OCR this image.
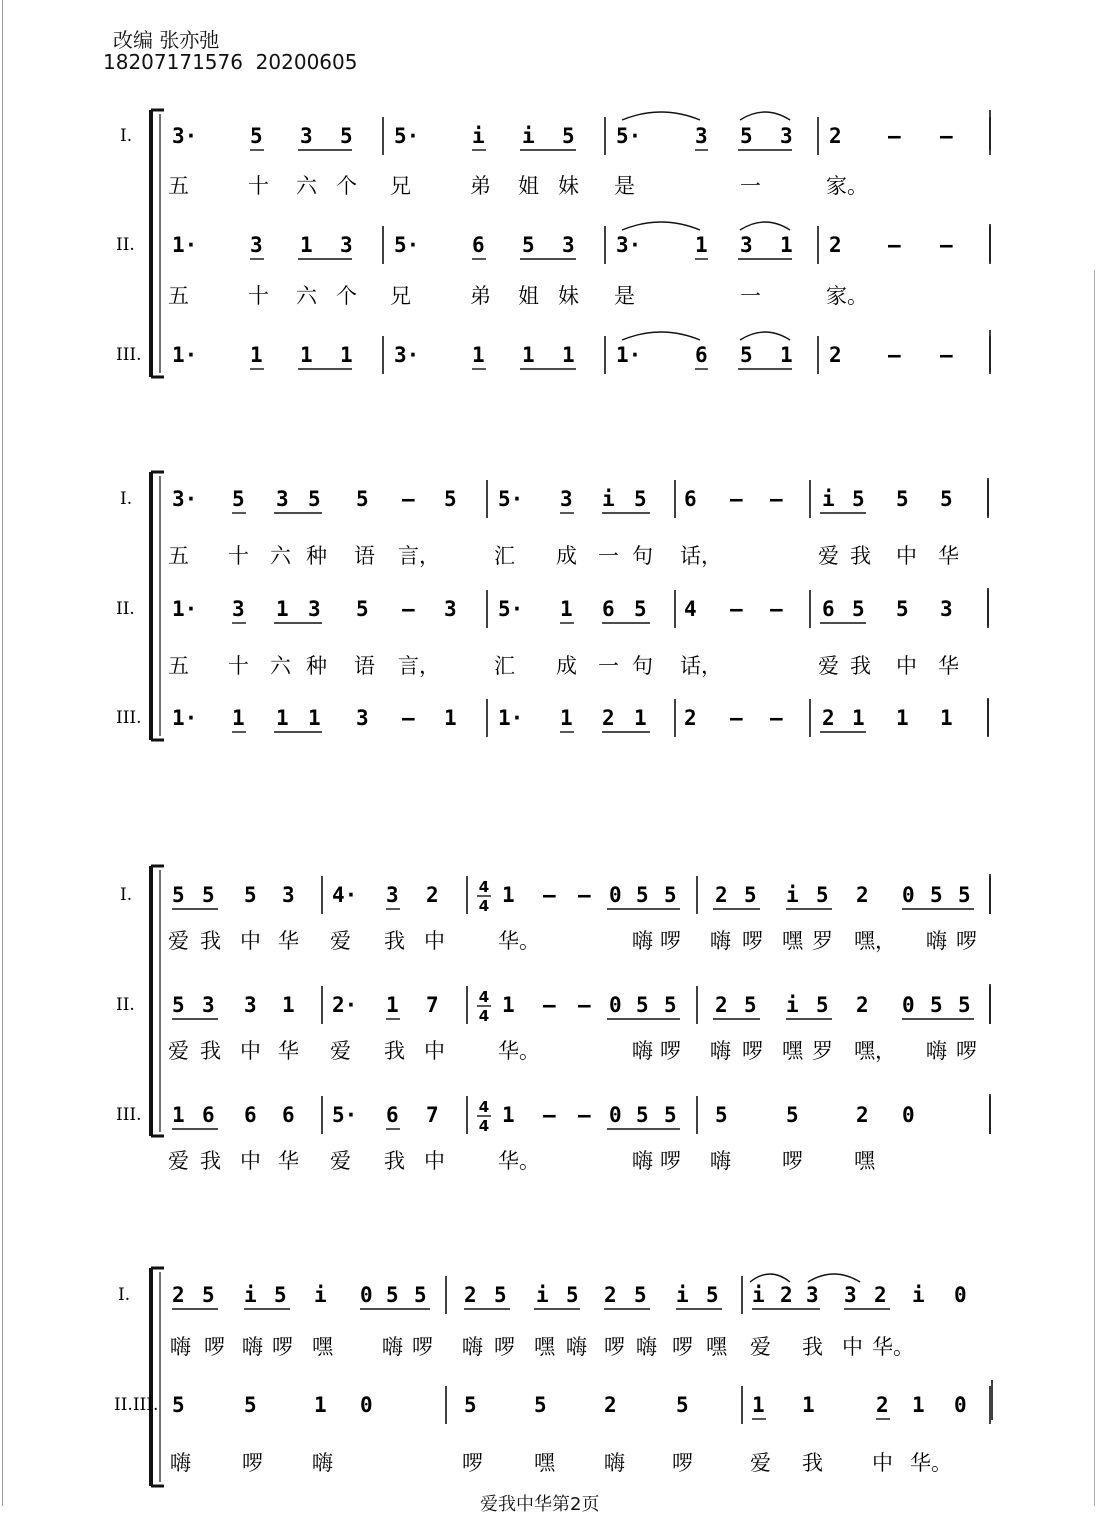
改编 张亦弛
18207171576  20200605
I. 3·	5 3 5 5·	i i 5 5·	3 5 3 2 – –
五	十 六 个 兄	弟 姐 妹 是	一	家。
II. 1·	3 1 3 5·	6 5 3 3·	1 3 1 2 – –
五	十 六 个 兄	弟 姐 妹 是	一	家。
III. 1·	1 1 1 3·	1 1 1 1·	6 5 1 2 – –
I. 3· 5 3 5 5 – 5 5· 3 i 5 6 – – i 5 5 5
五 十 六 种 语 言，	汇 成 一 句 话，	爱 我 中 华
II. 1· 3 1 3 5 – 3 5· 1 6 5 4 – – 6 5 5 3
五 十 六 种 语 言，	汇 成 一 句 话，	爱 我 中 华
III. 1· 1 1 1 3 – 1 1· 1 2 1 2 – – 2 1 1 1
I. 5 5 5 3 4· 3 2	1 – – 0 5 5 2 5 i 5 2 0 5 5
爱 我 中 华 爱 我 中	华。	嗨 啰 嗨 啰 嘿 罗 嘿， 嗨 啰
II. 5 3 3 1 2· 1 7	1 – – 0 5 5 2 5 i 5 2 0 5 5
爱 我 中 华 爱 我 中	华。	嗨 啰 嗨 啰 嘿 罗 嘿， 嗨 啰
III. 1 6 6 6 5· 6 7	1 – – 0 5 5 5	5	2 0
爱 我 中 华 爱 我 中	华。	嗨 啰 嗨 啰 嘿
4
4
4
4
4
4
I. 2 5 i 5 i 0 5 5 2 5 i 5 2 5 i 5 i 2 3 3 2 i 0
嗨 啰 嗨 啰 嘿 嗨 啰 嗨 啰 嘿 嗨 啰 嗨 啰 嘿 爱 我 中 华。
II.III. 5	5	1 0	5	5	2	5	1 1	2 1 0
嗨 啰 嗨	啰 嘿 嗨 啰	爱 我 中 华。
爱我中华第2页
